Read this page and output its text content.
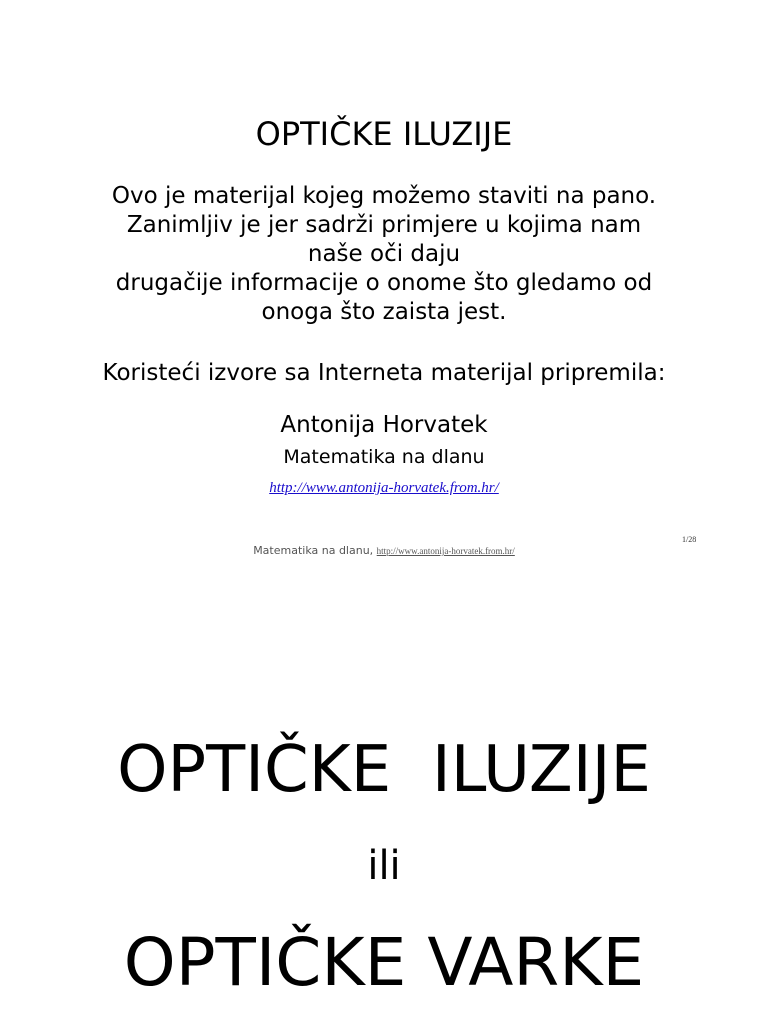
OPTIČKE ILUZIJE
Ovo je materijal kojeg možemo staviti na pano.
Zanimljiv je jer sadrži primjere u kojima nam
naše oči daju
drugačije informacije o onome što gledamo od
onoga što zaista jest.
Koristeći izvore sa Interneta materijal pripremila:
Antonija Horvatek
Matematika na dlanu
http://www.antonija-horvatek.from.hr/
1/28
Matematika na dlanu, http://www.antonija-horvatek.from.hr/
OPTIČKE  ILUZIJE
ili
OPTIČKE VARKE
